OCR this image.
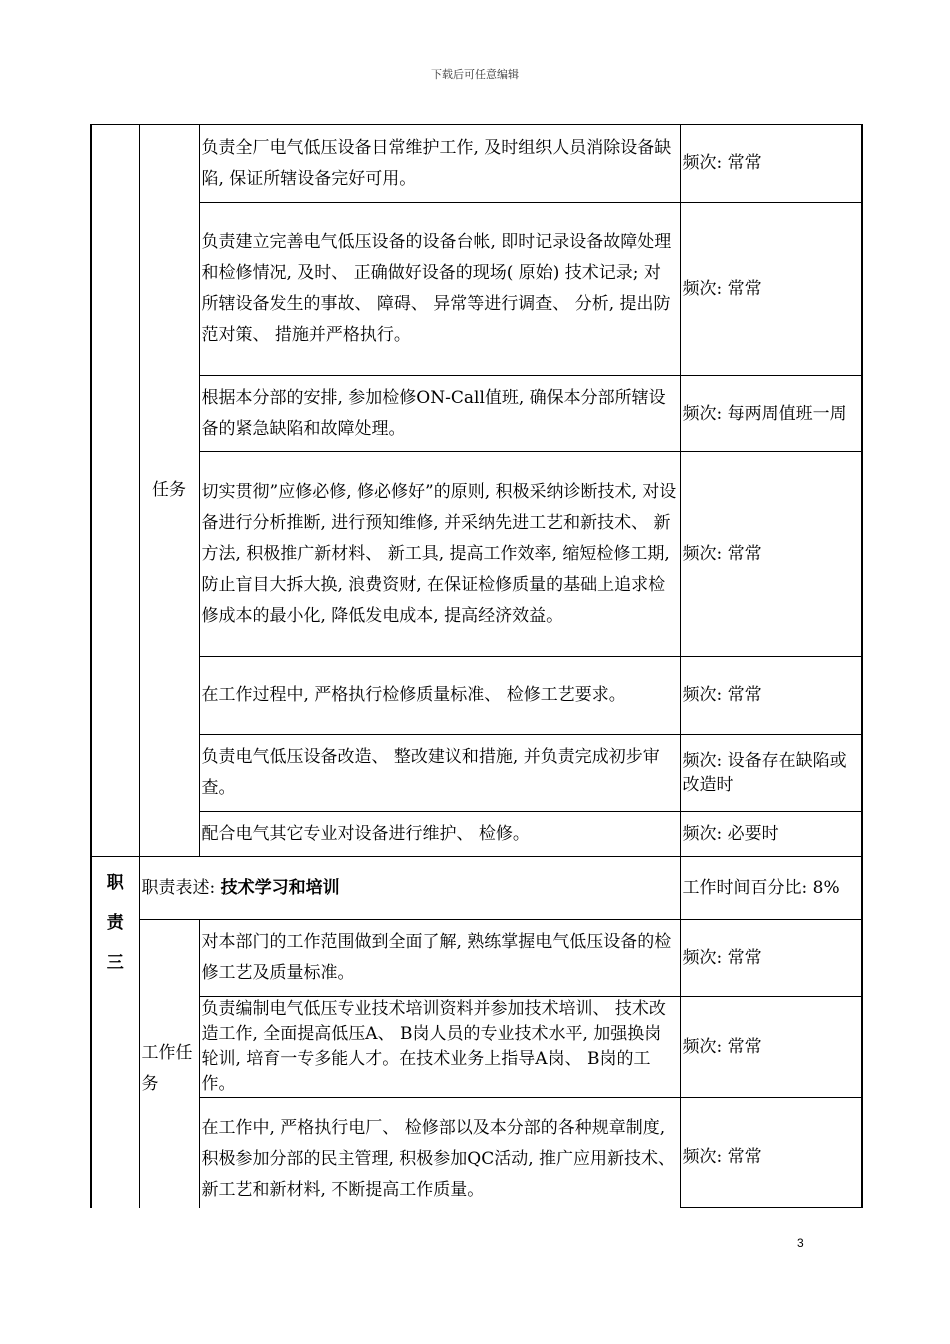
下载后可任意编辑
	任务	负责全厂电气低压设备日常维护工作, 及时组织人员消除设备缺陷, 保证所辖设备完好可用。	频次: 常常
		负责建立完善电气低压设备的设备台帐, 即时记录设备故障处理和检修情况, 及时、 正确做好设备的现场( 原始) 技术记录; 对所辖设备发生的事故、 障碍、 异常等进行调查、 分析, 提出防范对策、 措施并严格执行。	频次: 常常
		根据本分部的安排, 参加检修ON-Call值班, 确保本分部所辖设备的紧急缺陷和故障处理。	频次: 每两周值班一周
		切实贯彻”应修必修, 修必修好”的原则, 积极采纳诊断技术, 对设备进行分析推断, 进行预知维修, 并采纳先进工艺和新技术、 新方法, 积极推广新材料、 新工具, 提高工作效率, 缩短检修工期, 防止盲目大拆大换, 浪费资财, 在保证检修质量的基础上追求检修成本的最小化, 降低发电成本, 提高经济效益。	频次: 常常
		在工作过程中, 严格执行检修质量标准、 检修工艺要求。	频次: 常常
		负责电气低压设备改造、 整改建议和措施, 并负责完成初步审查。	频次: 设备存在缺陷或改造时
		配合电气其它专业对设备进行维护、 检修。	频次: 必要时

职
责
三	职责表述: 技术学习和培训		工作时间百分比: 8%
	工作任务	对本部门的工作范围做到全面了解, 熟练掌握电气低压设备的检修工艺及质量标准。	频次: 常常
		负责编制电气低压专业技术培训资料并参加技术培训、 技术改造工作, 全面提高低压A、 B岗人员的专业技术水平, 加强换岗轮训, 培育一专多能人才。在技术业务上指导A岗、 B岗的工作。	频次: 常常
		在工作中, 严格执行电厂、 检修部以及本分部的各种规章制度, 积极参加分部的民主管理, 积极参加QC活动, 推广应用新技术、 新工艺和新材料, 不断提高工作质量。	频次: 常常
3
